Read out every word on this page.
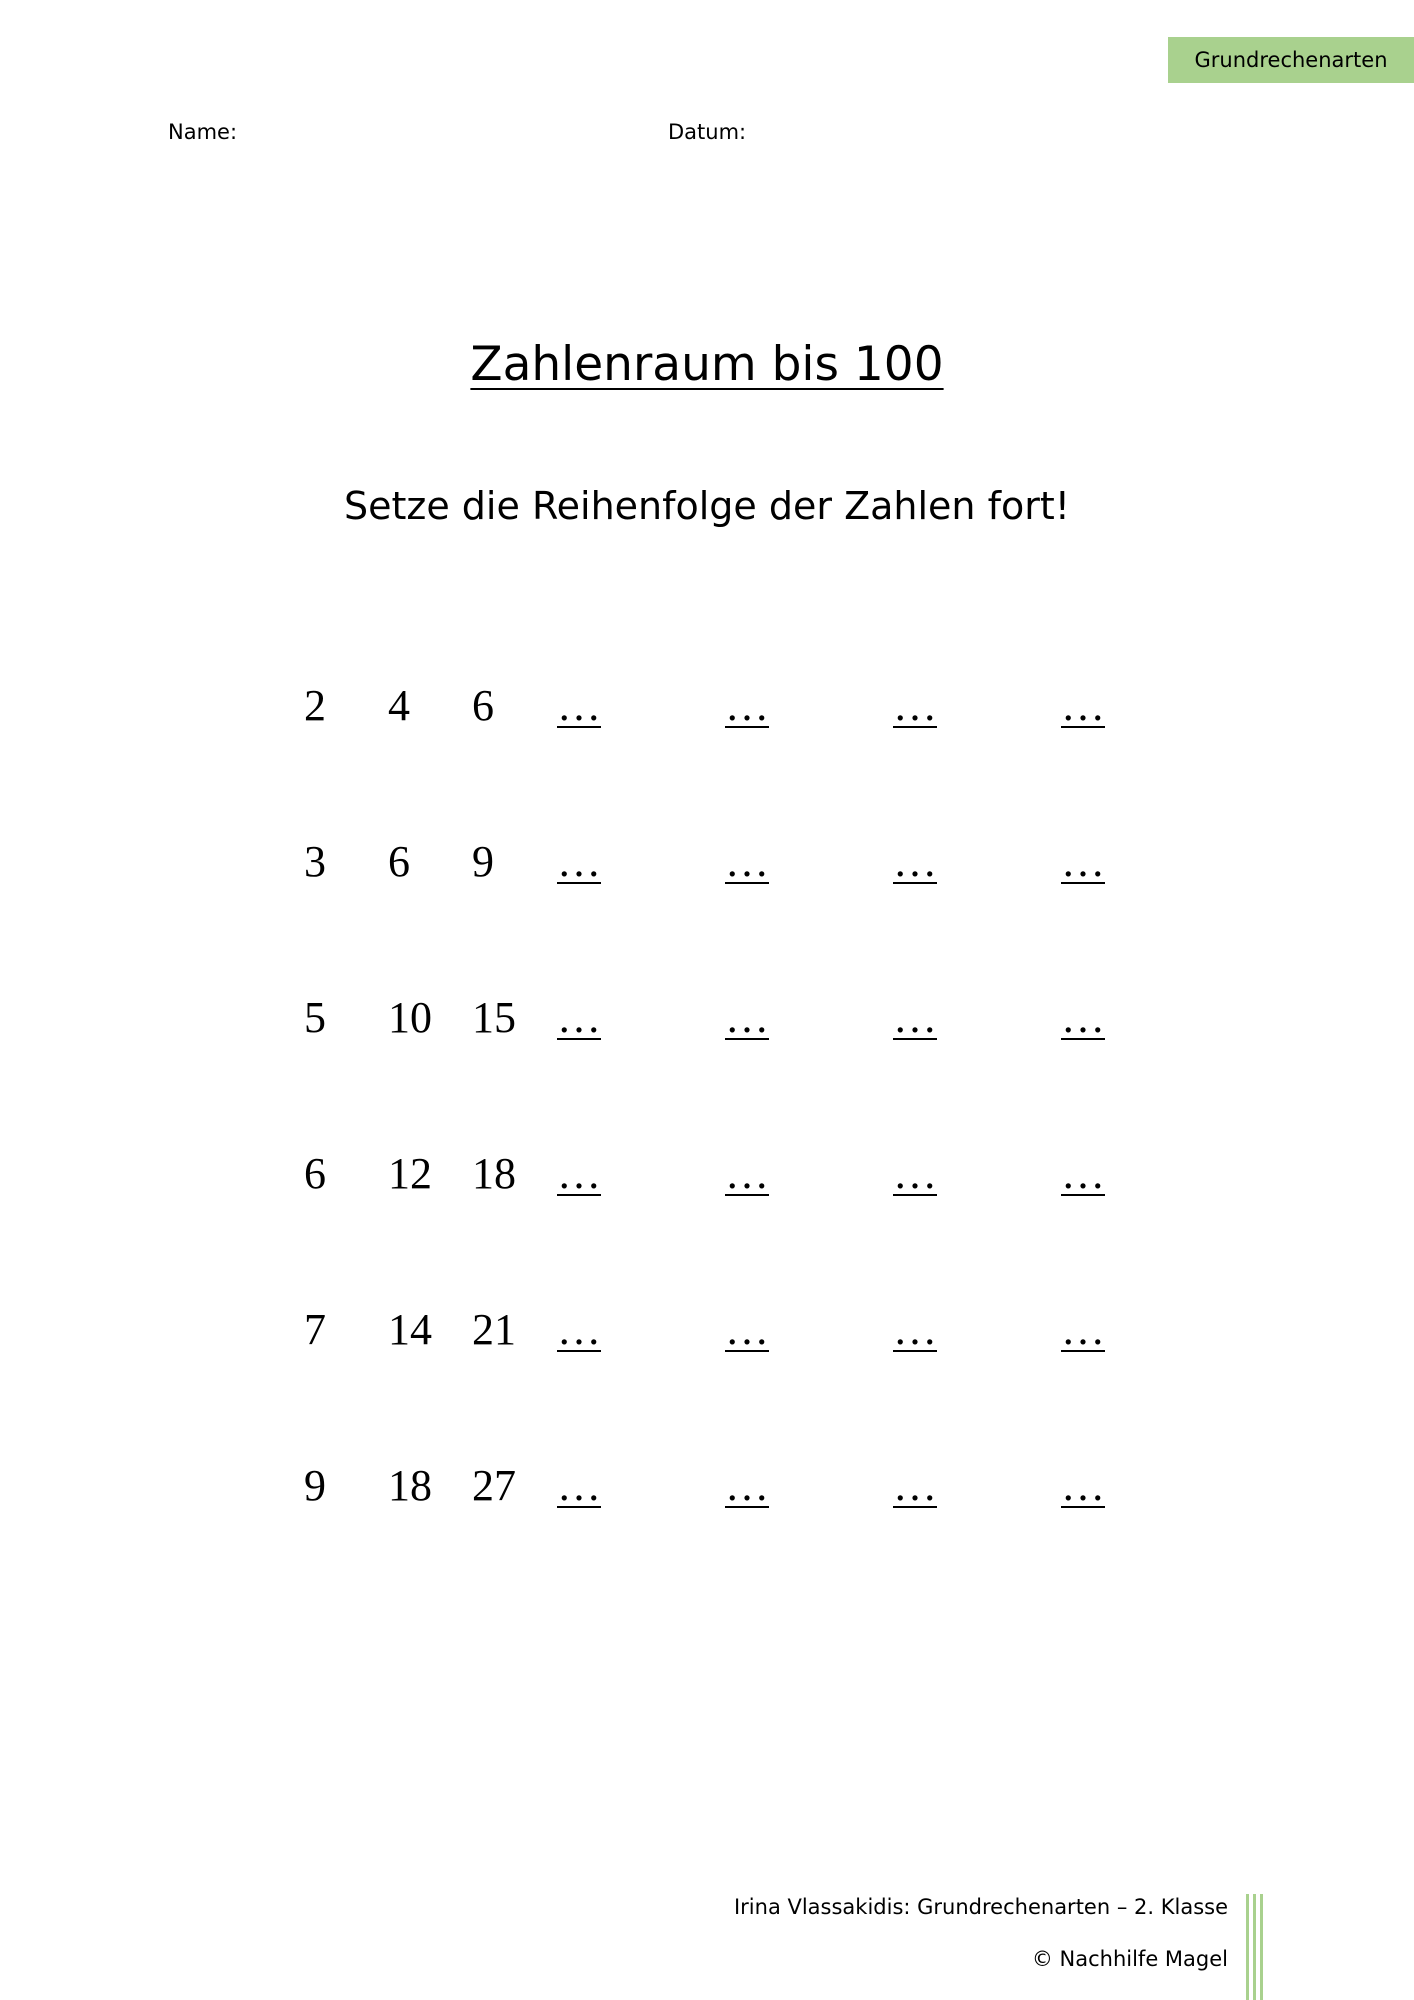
Grundrechenarten
Name:	Datum:
Zahlenraum bis 100
Setze die Reihenfolge der Zahlen fort!
2 4 6 …	…	…	…
3 6 9 …	…	…	…
5 10 15 …	…	…	…
6 12 18 …	…	…	…
7 14 21 …	…	…	…
9 18 27 …	…	…	…
Irina Vlassakidis: Grundrechenarten – 2. Klasse
© Nachhilfe Magel
